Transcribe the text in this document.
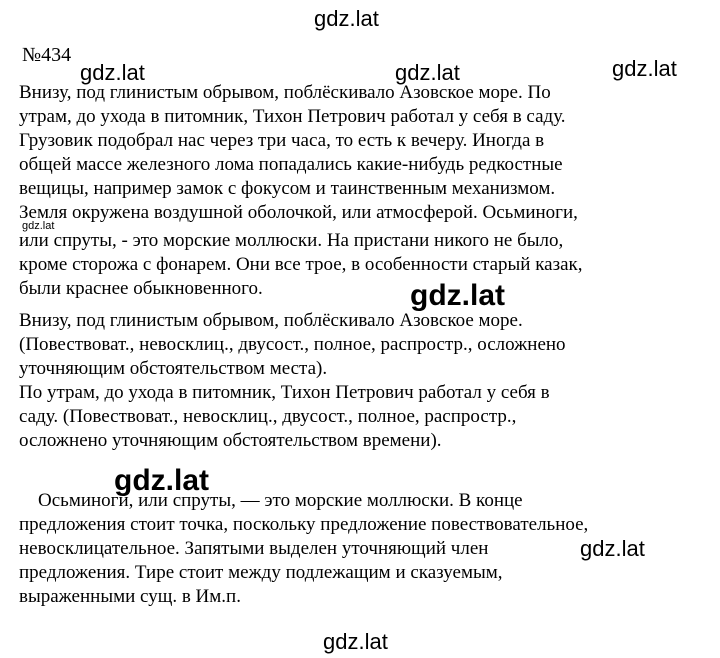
gdz.lat
№434
gdz.lat	gdz.lat	gdz.lat
Внизу, под глинистым обрывом, поблёскивало Азовское море. По
утрам, до ухода в питомник, Тихон Петрович работал у себя в саду.
Грузовик подобрал нас через три часа, то есть к вечеру. Иногда в
общей массе железного лома попадались какие-нибудь редкостные
вещицы, например замок с фокусом и таинственным механизмом.
Земля окружена воздушной оболочкой, или атмосферой. Осьминоги,
gdz.lat
или спруты, - это морские моллюски. На пристани никого не было,
кроме сторожа с фонарем. Они все трое, в особенности старый казак,
были краснее обыкновенного.	gdz.lat
Внизу, под глинистым обрывом, поблёскивало Азовское море.
(Повествоват., невосклиц., двусост., полное, распростр., осложнено
уточняющим обстоятельством места).
По утрам, до ухода в питомник, Тихон Петрович работал у себя в
саду. (Повествоват., невосклиц., двусост., полное, распростр.,
осложнено уточняющим обстоятельством времени).
gdz.lat
Осьминоги, или спруты, — это морские моллюски. В конце
предложения стоит точка, поскольку предложение повествовательное,
невосклицательное. Запятыми выделен уточняющий член	gdz.lat
предложения. Тире стоит между подлежащим и сказуемым,
выраженными сущ. в Им.п.
gdz.lat
